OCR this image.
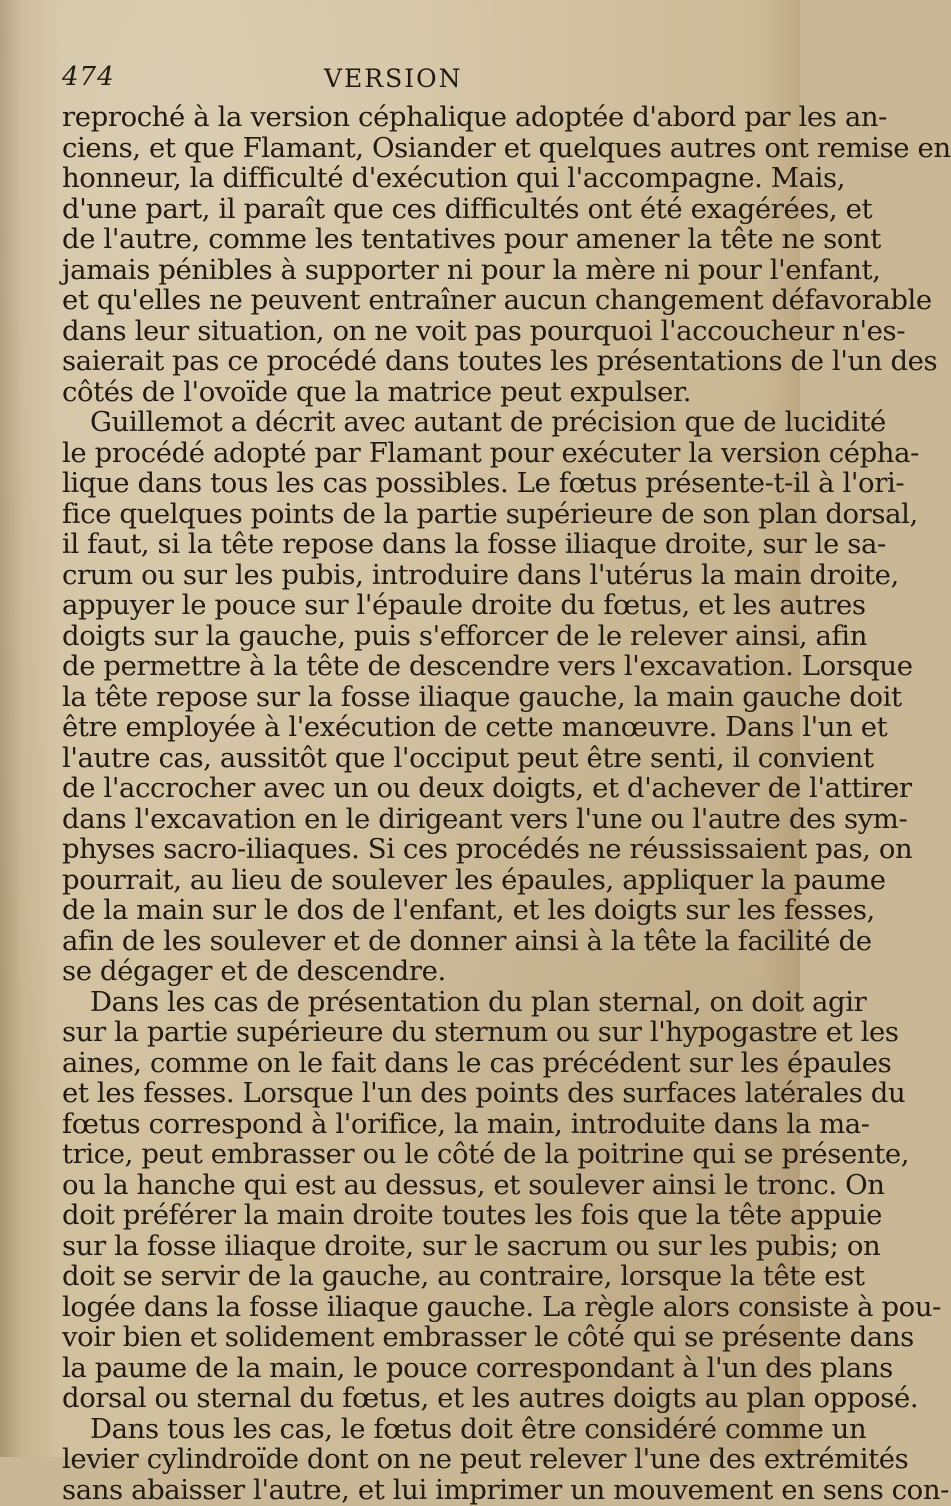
474	VERSION

reproché à la version céphalique adoptée d'abord par les an-
ciens, et que Flamant, Osiander et quelques autres ont remise en
honneur, la difficulté d'exécution qui l'accompagne. Mais,
d'une part, il paraît que ces difficultés ont été exagérées, et
de l'autre, comme les tentatives pour amener la tête ne sont
jamais pénibles à supporter ni pour la mère ni pour l'enfant,
et qu'elles ne peuvent entraîner aucun changement défavorable
dans leur situation, on ne voit pas pourquoi l'accoucheur n'es-
saierait pas ce procédé dans toutes les présentations de l'un des
côtés de l'ovoïde que la matrice peut expulser.

Guillemot a décrit avec autant de précision que de lucidité
le procédé adopté par Flamant pour exécuter la version cépha-
lique dans tous les cas possibles. Le fœtus présente-t-il à l'ori-
fice quelques points de la partie supérieure de son plan dorsal,
il faut, si la tête repose dans la fosse iliaque droite, sur le sa-
crum ou sur les pubis, introduire dans l'utérus la main droite,
appuyer le pouce sur l'épaule droite du fœtus, et les autres
doigts sur la gauche, puis s'efforcer de le relever ainsi, afin
de permettre à la tête de descendre vers l'excavation. Lorsque
la tête repose sur la fosse iliaque gauche, la main gauche doit
être employée à l'exécution de cette manœuvre. Dans l'un et
l'autre cas, aussitôt que l'occiput peut être senti, il convient
de l'accrocher avec un ou deux doigts, et d'achever de l'attirer
dans l'excavation en le dirigeant vers l'une ou l'autre des sym-
physes sacro-iliaques. Si ces procédés ne réussissaient pas, on
pourrait, au lieu de soulever les épaules, appliquer la paume
de la main sur le dos de l'enfant, et les doigts sur les fesses,
afin de les soulever et de donner ainsi à la tête la facilité de
se dégager et de descendre.

Dans les cas de présentation du plan sternal, on doit agir
sur la partie supérieure du sternum ou sur l'hypogastre et les
aines, comme on le fait dans le cas précédent sur les épaules
et les fesses. Lorsque l'un des points des surfaces latérales du
fœtus correspond à l'orifice, la main, introduite dans la ma-
trice, peut embrasser ou le côté de la poitrine qui se présente,
ou la hanche qui est au dessus, et soulever ainsi le tronc. On
doit préférer la main droite toutes les fois que la tête appuie
sur la fosse iliaque droite, sur le sacrum ou sur les pubis; on
doit se servir de la gauche, au contraire, lorsque la tête est
logée dans la fosse iliaque gauche. La règle alors consiste à pou-
voir bien et solidement embrasser le côté qui se présente dans
la paume de la main, le pouce correspondant à l'un des plans
dorsal ou sternal du fœtus, et les autres doigts au plan opposé.

Dans tous les cas, le fœtus doit être considéré comme un
levier cylindroïde dont on ne peut relever l'une des extrémités
sans abaisser l'autre, et lui imprimer un mouvement en sens con-
